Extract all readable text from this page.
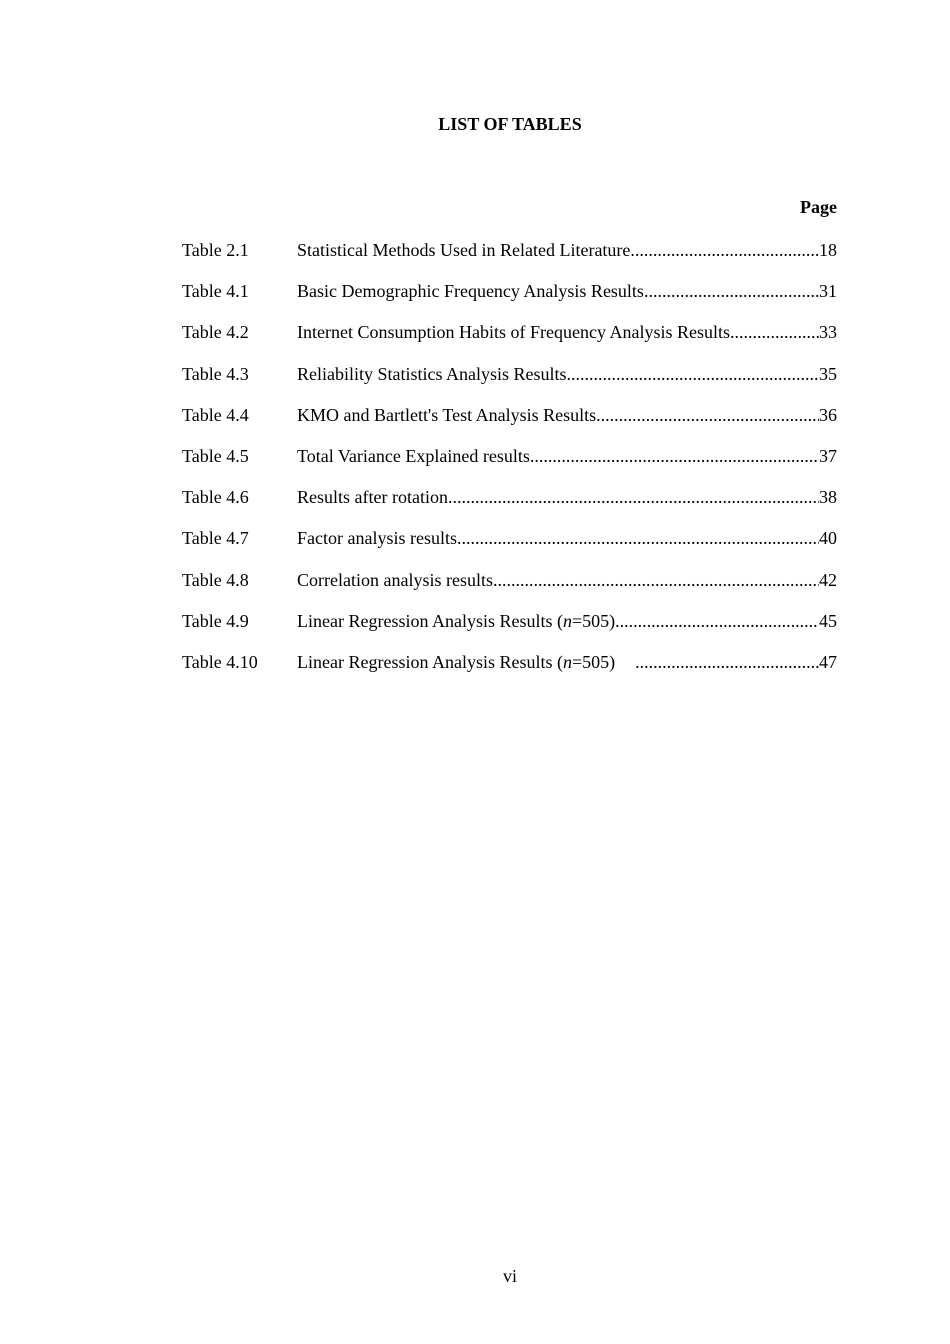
LIST OF TABLES
Page
Table 2.1	Statistical Methods Used in Related Literature .....	18
Table 4.1	Basic Demographic Frequency Analysis Results .....	31
Table 4.2	Internet Consumption Habits of Frequency Analysis Results .....	33
Table 4.3	Reliability Statistics Analysis Results .....	35
Table 4.4	KMO and Bartlett's Test Analysis Results .....	36
Table 4.5	Total Variance Explained results .....	37
Table 4.6	Results after rotation .....	38
Table 4.7	Factor analysis results .....	40
Table 4.8	Correlation analysis results .....	42
Table 4.9	Linear Regression Analysis Results (n=505) .....	45
Table 4.10 Linear Regression Analysis Results (n=505) .....	47
vi
